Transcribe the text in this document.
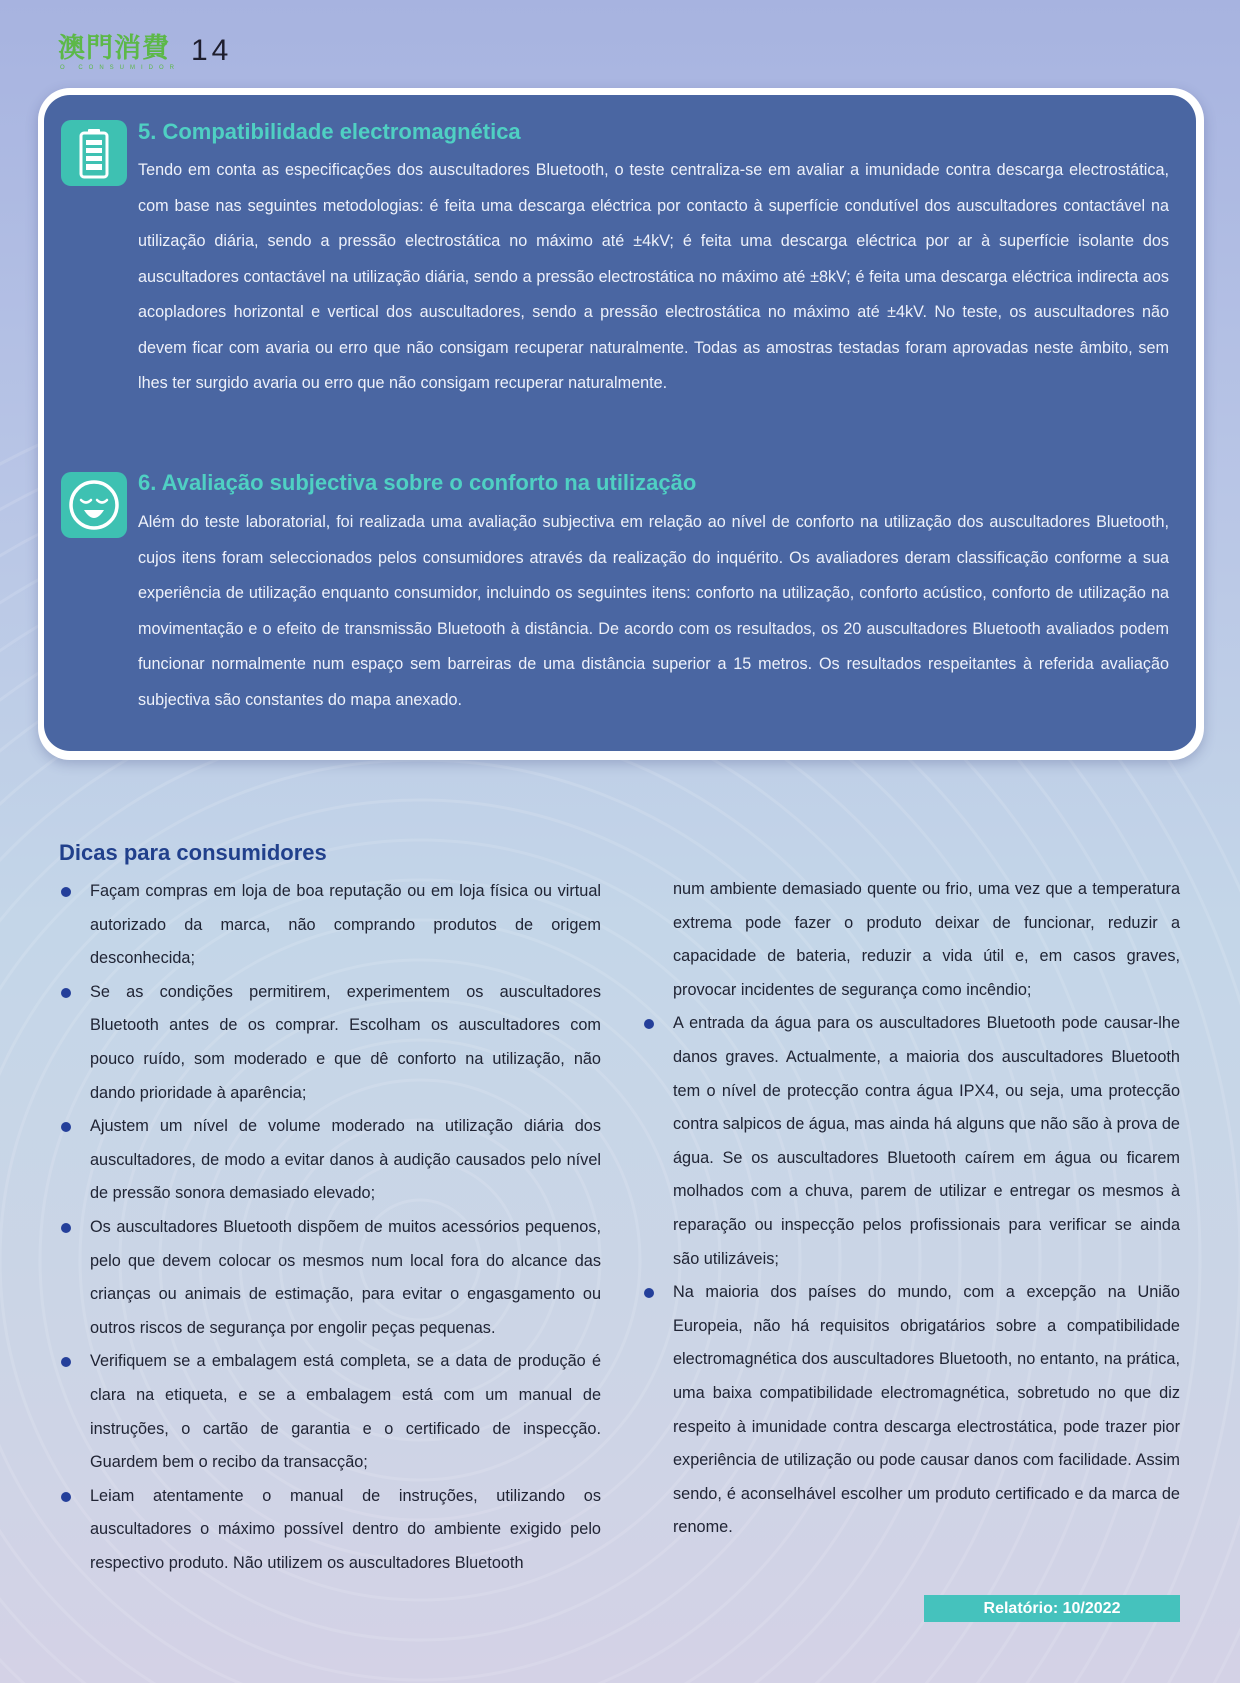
澳門消費
O CONSUMIDOR
14
5. Compatibilidade electromagnética

Tendo em conta as especificações dos auscultadores Bluetooth, o teste centraliza-se em avaliar a imunidade contra descarga electrostática, com base nas seguintes metodologias: é feita uma descarga eléctrica por contacto à superfície condutível dos auscultadores contactável na utilização diária, sendo a pressão electrostática no máximo até ±4kV; é feita uma descarga eléctrica por ar à superfície isolante dos auscultadores contactável na utilização diária, sendo a pressão electrostática no máximo até ±8kV; é feita uma descarga eléctrica indirecta aos acopladores horizontal e vertical dos auscultadores, sendo a pressão electrostática no máximo até ±4kV. No teste, os auscultadores não devem ficar com avaria ou erro que não consigam recuperar naturalmente. Todas as amostras testadas foram aprovadas neste âmbito, sem lhes ter surgido avaria ou erro que não consigam recuperar naturalmente.

6. Avaliação subjectiva sobre o conforto na utilização

Além do teste laboratorial, foi realizada uma avaliação subjectiva em relação ao nível de conforto na utilização dos auscultadores Bluetooth, cujos itens foram seleccionados pelos consumidores através da realização do inquérito. Os avaliadores deram classificação conforme a sua experiência de utilização enquanto consumidor, incluindo os seguintes itens: conforto na utilização, conforto acústico, conforto de utilização na movimentação e o efeito de transmissão Bluetooth à distância. De acordo com os resultados, os 20 auscultadores Bluetooth avaliados podem funcionar normalmente num espaço sem barreiras de uma distância superior a 15 metros. Os resultados respeitantes à referida avaliação subjectiva são constantes do mapa anexado.

Dicas para consumidores
Façam compras em loja de boa reputação ou em loja física ou virtual autorizado da marca, não comprando produtos de origem desconhecida;
Se as condições permitirem, experimentem os auscultadores Bluetooth antes de os comprar. Escolham os auscultadores com pouco ruído, som moderado e que dê conforto na utilização, não dando prioridade à aparência;
Ajustem um nível de volume moderado na utilização diária dos auscultadores, de modo a evitar danos à audição causados pelo nível de pressão sonora demasiado elevado;
Os auscultadores Bluetooth dispõem de muitos acessórios pequenos, pelo que devem colocar os mesmos num local fora do alcance das crianças ou animais de estimação, para evitar o engasgamento ou outros riscos de segurança por engolir peças pequenas.
Verifiquem se a embalagem está completa, se a data de produção é clara na etiqueta, e se a embalagem está com um manual de instruções, o cartão de garantia e o certificado de inspecção. Guardem bem o recibo da transacção;
Leiam atentamente o manual de instruções, utilizando os auscultadores o máximo possível dentro do ambiente exigido pelo respectivo produto. Não utilizem os auscultadores Bluetooth
num ambiente demasiado quente ou frio, uma vez que a temperatura extrema pode fazer o produto deixar de funcionar, reduzir a capacidade de bateria, reduzir a vida útil e, em casos graves, provocar incidentes de segurança como incêndio;
A entrada da água para os auscultadores Bluetooth pode causar-lhe danos graves. Actualmente, a maioria dos auscultadores Bluetooth tem o nível de protecção contra água IPX4, ou seja, uma protecção contra salpicos de água, mas ainda há alguns que não são à prova de água. Se os auscultadores Bluetooth caírem em água ou ficarem molhados com a chuva, parem de utilizar e entregar os mesmos à reparação ou inspecção pelos profissionais para verificar se ainda são utilizáveis;
Na maioria dos países do mundo, com a excepção na União Europeia, não há requisitos obrigatários sobre a compatibilidade electromagnética dos auscultadores Bluetooth, no entanto, na prática, uma baixa compatibilidade electromagnética, sobretudo no que diz respeito à imunidade contra descarga electrostática, pode trazer pior experiência de utilização ou pode causar danos com facilidade. Assim sendo, é aconselhável escolher um produto certificado e da marca de renome.
Relatório: 10/2022
